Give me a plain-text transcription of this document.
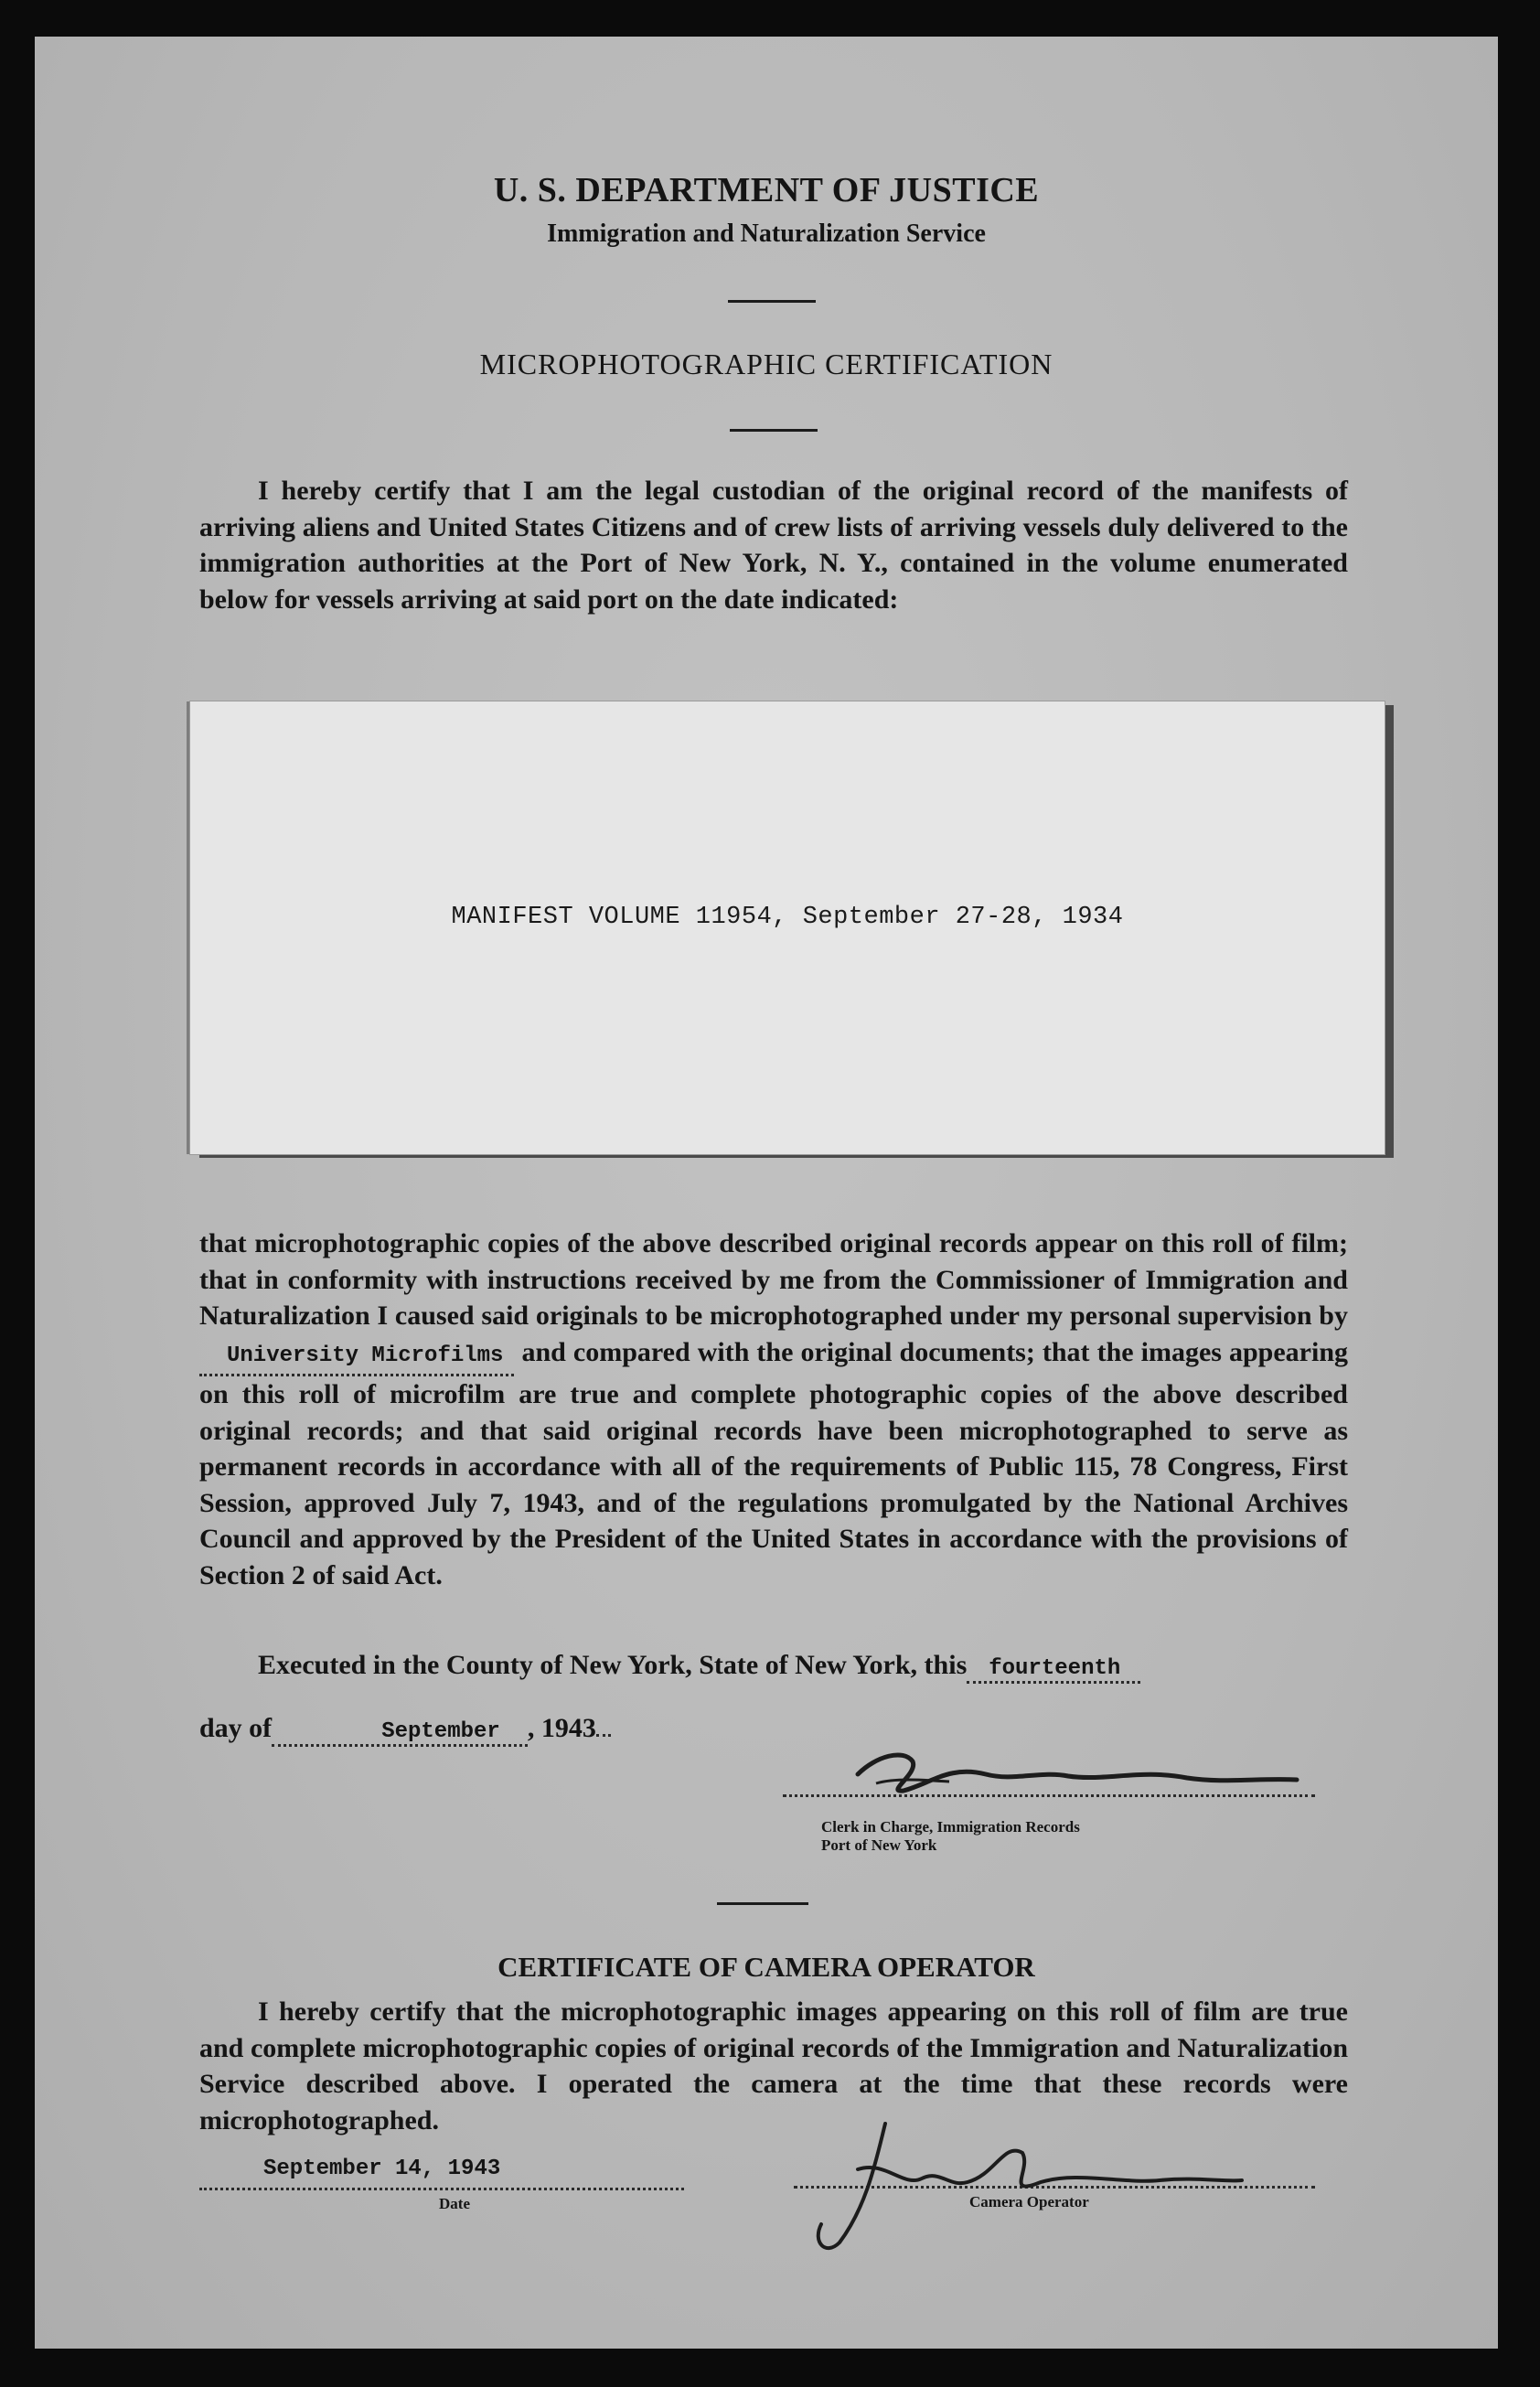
U. S. DEPARTMENT OF JUSTICE
Immigration and Naturalization Service
MICROPHOTOGRAPHIC CERTIFICATION
I hereby certify that I am the legal custodian of the original record of the manifests of arriving aliens and United States Citizens and of crew lists of arriving vessels duly delivered to the immigration authorities at the Port of New York, N. Y., contained in the volume enumerated below for vessels arriving at said port on the date indicated:
MANIFEST VOLUME 11954, September 27-28, 1934
that microphotographic copies of the above described original records appear on this roll of film; that in conformity with instructions received by me from the Commissioner of Immigration and Naturalization I caused said originals to be microphotographed under my personal supervision by University Microfilms and compared with the original documents; that the images appearing on this roll of microfilm are true and complete photographic copies of the above described original records; and that said original records have been microphotographed to serve as permanent records in accordance with all of the requirements of Public 115, 78 Congress, First Session, approved July 7, 1943, and of the regulations promulgated by the National Archives Council and approved by the President of the United States in accordance with the provisions of Section 2 of said Act.
Executed in the County of New York, State of New York, this fourteenth
day of	September , 1943
Clerk in Charge, Immigration Records
Port of New York
CERTIFICATE OF CAMERA OPERATOR
I hereby certify that the microphotographic images appearing on this roll of film are true and complete microphotographic copies of original records of the Immigration and Naturalization Service described above. I operated the camera at the time that these records were microphotographed.
September 14, 1943
Date	Camera Operator
